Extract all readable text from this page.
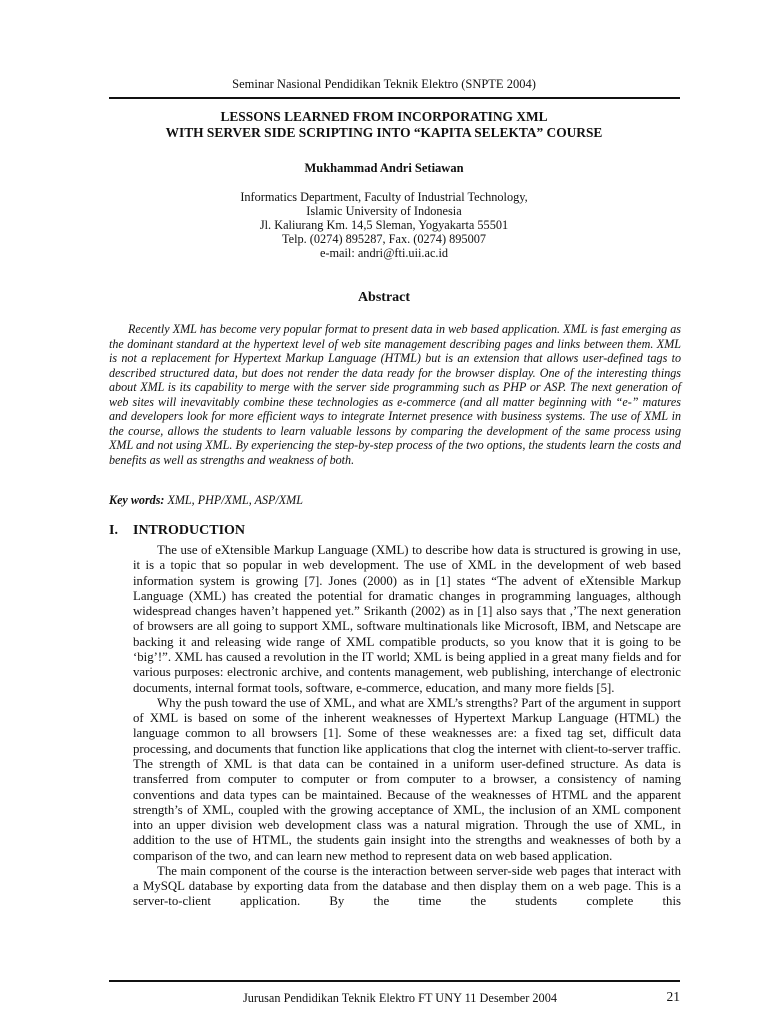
Seminar Nasional Pendidikan Teknik Elektro (SNPTE 2004)
LESSONS LEARNED FROM INCORPORATING XML
WITH SERVER SIDE SCRIPTING INTO “KAPITA SELEKTA” COURSE
Mukhammad Andri Setiawan
Informatics Department, Faculty of Industrial Technology,
Islamic University of Indonesia
Jl. Kaliurang Km. 14,5 Sleman, Yogyakarta 55501
Telp. (0274) 895287, Fax. (0274) 895007
e-mail: andri@fti.uii.ac.id
Abstract
Recently XML has become very popular format to present data in web based application. XML is fast emerging as the dominant standard at the hypertext level of web site management describing pages and links between them. XML is not a replacement for Hypertext Markup Language (HTML) but is an extension that allows user-defined tags to described structured data, but does not render the data ready for the browser display. One of the interesting things about XML is its capability to merge with the server side programming such as PHP or ASP. The next generation of web sites will inevavitably combine these technologies as e-commerce (and all matter beginning with “e-” matures and developers look for more efficient ways to integrate Internet presence with business systems. The use of XML in the course, allows the students to learn valuable lessons by comparing the development of the same process using XML and not using XML. By experiencing the step-by-step process of the two options, the students learn the costs and benefits as well as strengths and weakness of both.
Key words: XML, PHP/XML, ASP/XML
I. INTRODUCTION

The use of eXtensible Markup Language (XML) to describe how data is structured is growing in use, it is a topic that so popular in web development. The use of XML in the development of web based information system is growing [7]. Jones (2000) as in [1] states “The advent of eXtensible Markup Language (XML) has created the potential for dramatic changes in programming languages, although widespread changes haven’t happened yet.” Srikanth (2002) as in [1] also says that ,’The next generation of browsers are all going to support XML, software multinationals like Microsoft, IBM, and Netscape are backing it and releasing wide range of XML compatible products, so you know that it is going to be ‘big’!”. XML has caused a revolution in the IT world; XML is being applied in a great many fields and for various purposes: electronic archive, and contents management, web publishing, interchange of electronic documents, internal format tools, software, e-commerce, education, and many more fields [5].

Why the push toward the use of XML, and what are XML’s strengths? Part of the argument in support of XML is based on some of the inherent weaknesses of Hypertext Markup Language (HTML) the language common to all browsers [1]. Some of these weaknesses are: a fixed tag set, difficult data processing, and documents that function like applications that clog the internet with client-to-server traffic. The strength of XML is that data can be contained in a uniform user-defined structure. As data is transferred from computer to computer or from computer to a browser, a consistency of naming conventions and data types can be maintained. Because of the weaknesses of HTML and the apparent strength’s of XML, coupled with the growing acceptance of XML, the inclusion of an XML component into an upper division web development class was a natural migration. Through the use of XML, in addition to the use of HTML, the students gain insight into the strengths and weaknesses of both by a comparison of the two, and can learn new method to represent data on web based application.

The main component of the course is the interaction between server-side web pages that interact with a MySQL database by exporting data from the database and then display them on a web page. This is a server-to-client application. By the time the students complete this

Jurusan Pendidikan Teknik Elektro FT UNY 11 Desember 2004	21
